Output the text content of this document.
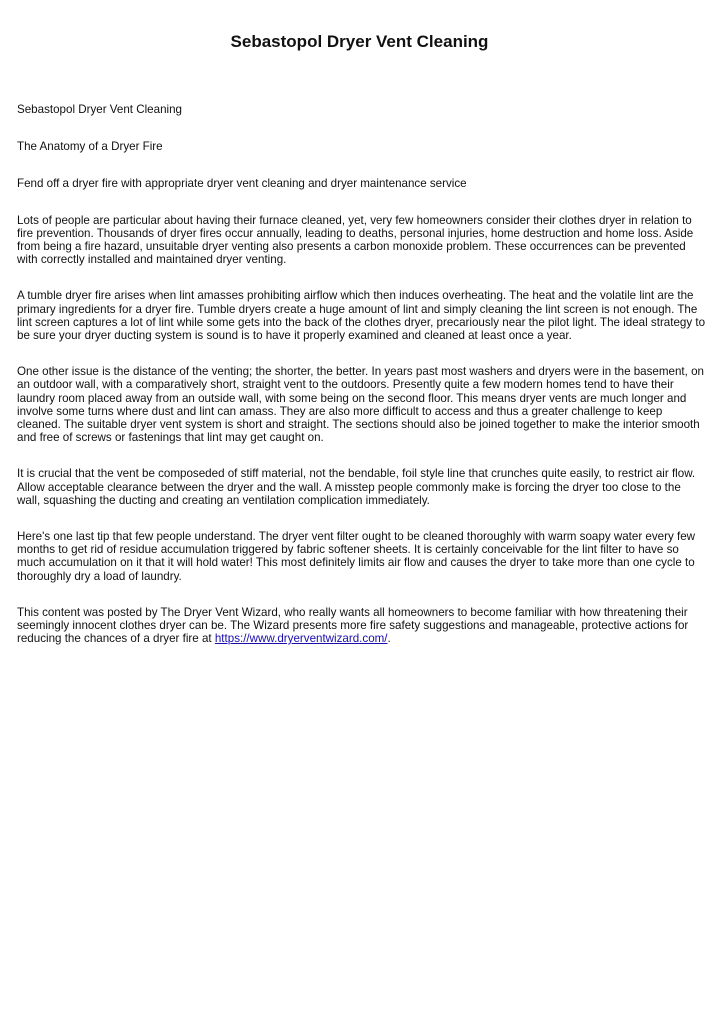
Sebastopol Dryer Vent Cleaning

Sebastopol Dryer Vent Cleaning

The Anatomy of a Dryer Fire

Fend off a dryer fire with appropriate dryer vent cleaning and dryer maintenance service

Lots of people are particular about having their furnace cleaned, yet, very few homeowners consider their clothes dryer in relation to fire prevention. Thousands of dryer fires occur annually, leading to deaths, personal injuries, home destruction and home loss. Aside from being a fire hazard, unsuitable dryer venting also presents a carbon monoxide problem. These occurrences can be prevented with correctly installed and maintained dryer venting.

A tumble dryer fire arises when lint amasses prohibiting airflow which then induces overheating. The heat and the volatile lint are the primary ingredients for a dryer fire. Tumble dryers create a huge amount of lint and simply cleaning the lint screen is not enough. The lint screen captures a lot of lint while some gets into the back of the clothes dryer, precariously near the pilot light. The ideal strategy to be sure your dryer ducting system is sound is to have it properly examined and cleaned at least once a year.

One other issue is the distance of the venting; the shorter, the better. In years past most washers and dryers were in the basement, on an outdoor wall, with a comparatively short, straight vent to the outdoors. Presently quite a few modern homes tend to have their laundry room placed away from an outside wall, with some being on the second floor. This means dryer vents are much longer and involve some turns where dust and lint can amass. They are also more difficult to access and thus a greater challenge to keep cleaned. The suitable dryer vent system is short and straight. The sections should also be joined together to make the interior smooth and free of screws or fastenings that lint may get caught on.

It is crucial that the vent be composeded of stiff material, not the bendable, foil style line that crunches quite easily, to restrict air flow. Allow acceptable clearance between the dryer and the wall. A misstep people commonly make is forcing the dryer too close to the wall, squashing the ducting and creating an ventilation complication immediately.

Here's one last tip that few people understand. The dryer vent filter ought to be cleaned thoroughly with warm soapy water every few months to get rid of residue accumulation triggered by fabric softener sheets. It is certainly conceivable for the lint filter to have so much accumulation on it that it will hold water! This most definitely limits air flow and causes the dryer to take more than one cycle to thoroughly dry a load of laundry.

This content was posted by The Dryer Vent Wizard, who really wants all homeowners to become familiar with how threatening their seemingly innocent clothes dryer can be. The Wizard presents more fire safety suggestions and manageable, protective actions for reducing the chances of a dryer fire at https://www.dryerventwizard.com/.
